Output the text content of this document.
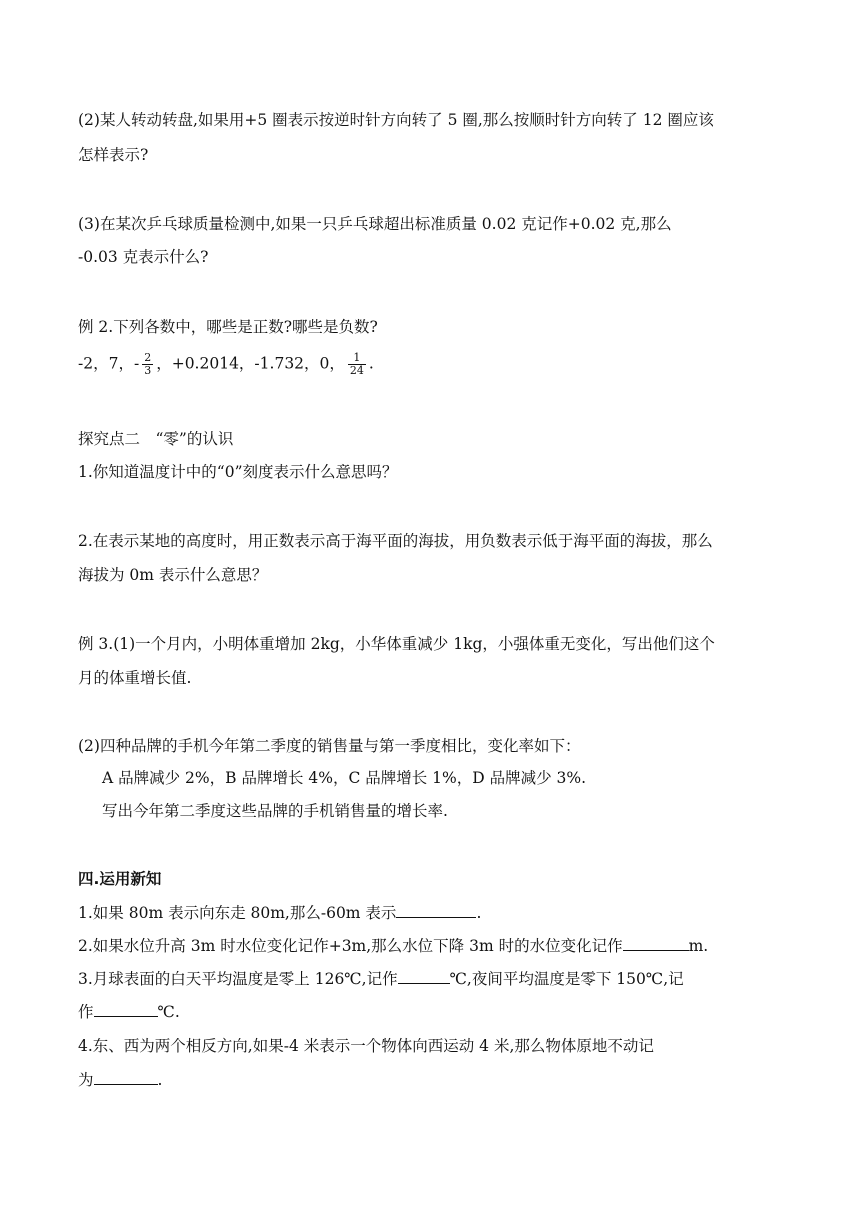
(2)某人转动转盘,如果用+5 圈表示按逆时针方向转了 5 圈,那么按顺时针方向转了 12 圈应该
怎样表示?
(3)在某次乒乓球质量检测中,如果一只乒乓球超出标准质量 0.02 克记作+0.02 克,那么
-0.03 克表示什么?
例 2.下列各数中，哪些是正数?哪些是负数?
-2，7，- $\frac{2}{3}$ ，+0.2014，-1.732，0， $\frac{1}{24}$ .
探究点二　“零”的认识
1.你知道温度计中的“0”刻度表示什么意思吗？
2.在表示某地的高度时，用正数表示高于海平面的海拔，用负数表示低于海平面的海拔，那么
海拔为 0m 表示什么意思？
例 3.(1)一个月内，小明体重增加 2kg，小华体重减少 1kg，小强体重无变化，写出他们这个
月的体重增长值.
(2)四种品牌的手机今年第二季度的销售量与第一季度相比，变化率如下：
A 品牌减少 2%，B 品牌增长 4%，C 品牌增长 1%，D 品牌减少 3%.
写出今年第二季度这些品牌的手机销售量的增长率.
四.运用新知
1.如果 80m 表示向东走 80m,那么-60m 表示	.
2.如果水位升高 3m 时水位变化记作+3m,那么水位下降 3m 时的水位变化记作	m.
3.月球表面的白天平均温度是零上 126℃,记作	℃,夜间平均温度是零下 150℃,记
作	℃.
4.东、西为两个相反方向,如果-4 米表示一个物体向西运动 4 米,那么物体原地不动记
为	.
